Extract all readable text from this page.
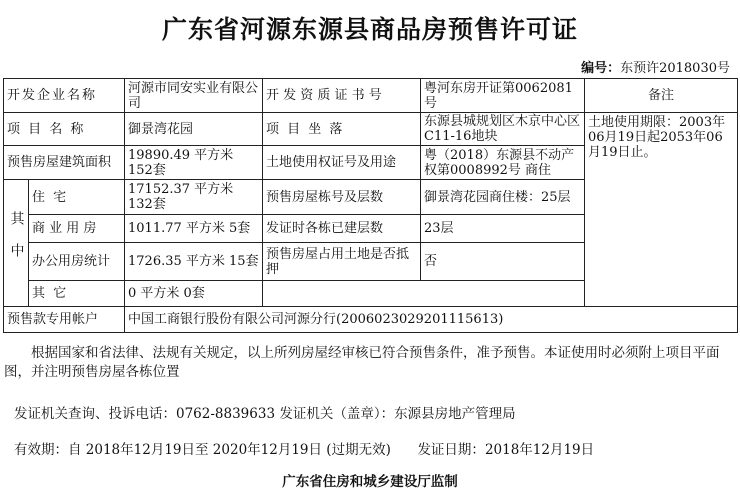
广东省河源东源县商品房预售许可证
编号：东预许2018030号
开发企业名称		河源市同安实业有限公司	开 发 资 质 证 书 号	粤河东房开证第0062081号	备注
项 目 名 称		御景湾花园	项 目 坐 落	东源县城规划区木京中心区C11-16地块	土地使用期限：2003年06月19日起2053年06月19日止。
预售房屋建筑面积		19890.49 平方米 152套	土地使用权证号及用途	粤（2018）东源县不动产权第0008992号 商住	
其中	住 宅	17152.37 平方米 132套	预售房屋栋号及层数	御景湾花园商住楼：25层	
	商 业 用 房	1011.77 平方米 5套	发证时各栋已建层数	23层	
	办公用房统计	1726.35 平方米 15套	预售房屋占用土地是否抵押	否	
	其 它	0 平方米 0套			
预售款专用帐户		中国工商银行股份有限公司河源分行(2006023029201115613)			
根据国家和省法律、法规有关规定，以上所列房屋经审核已符合预售条件，准予预售。本证使用时必须附上项目平面图，并注明预售房屋各栋位置
发证机关查询、投诉电话：0762-8839633 发证机关（盖章）：东源县房地产管理局
有效期：自 2018年12月19日至 2020年12月19日 (过期无效) 发证日期：2018年12月19日
广东省住房和城乡建设厅监制
